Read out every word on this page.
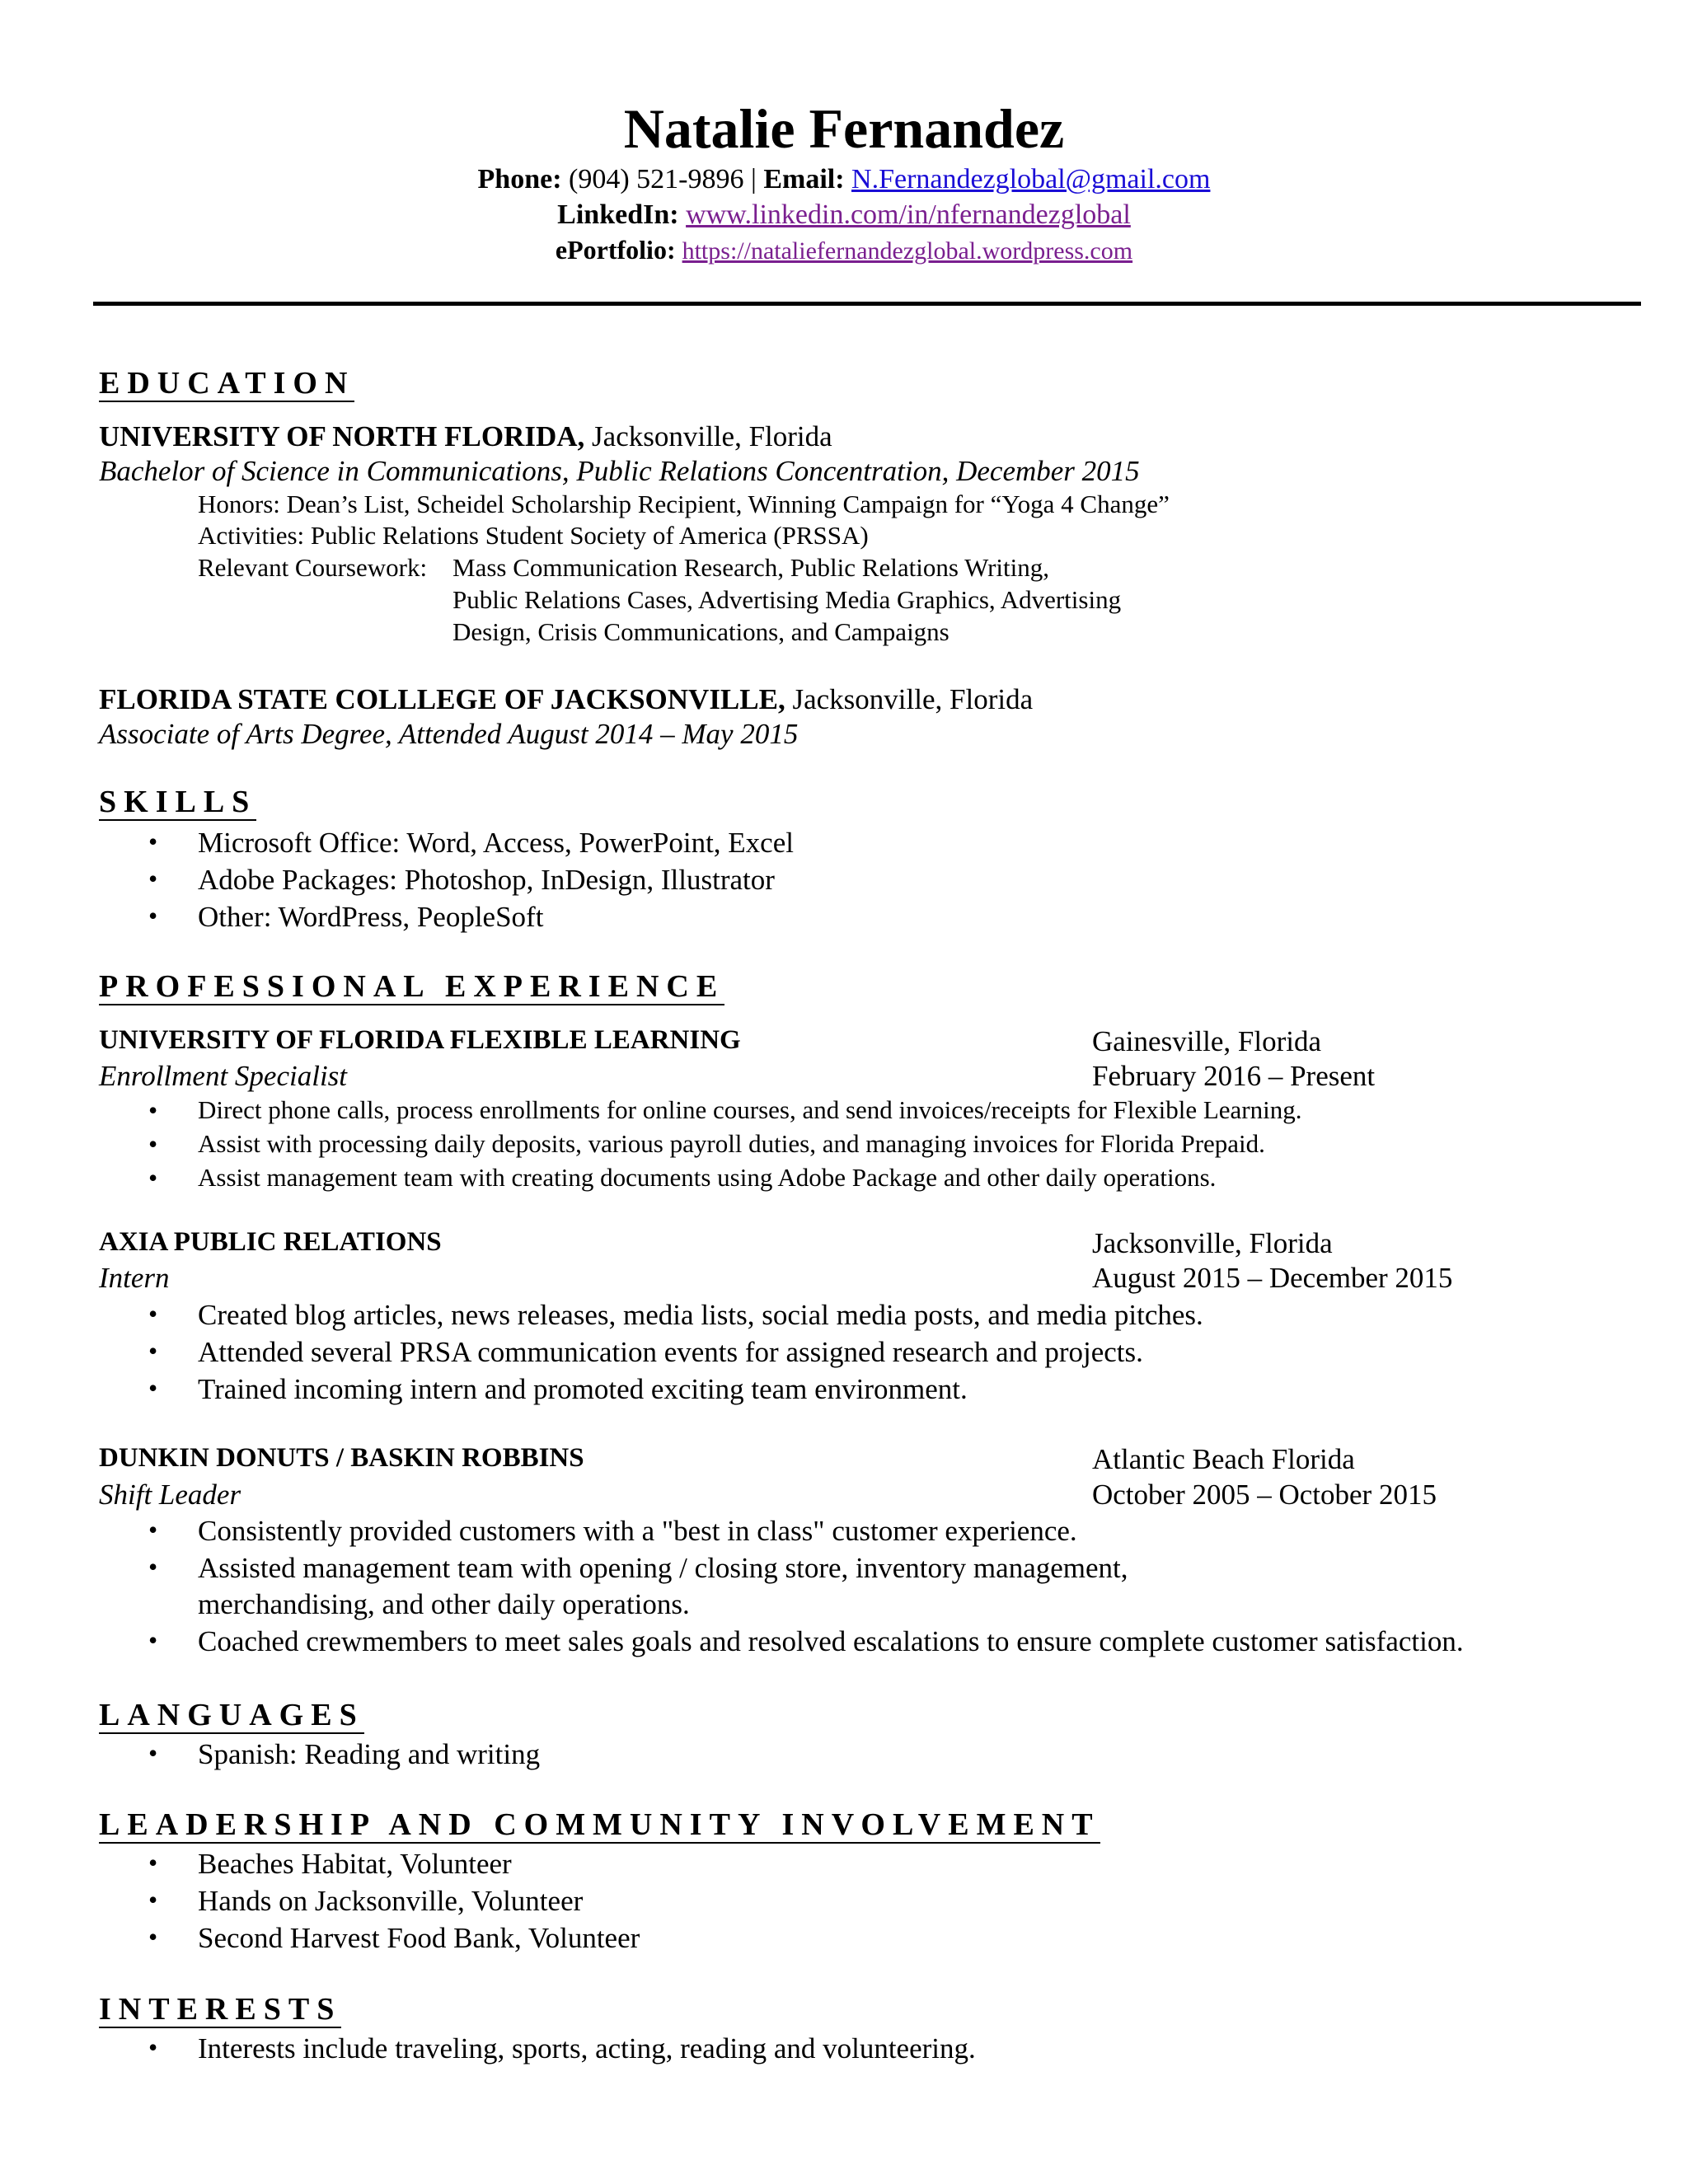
Natalie Fernandez
Phone: (904) 521-9896 | Email: N.Fernandezglobal@gmail.com
LinkedIn: www.linkedin.com/in/nfernandezglobal
ePortfolio: https://nataliefernandezglobal.wordpress.com
EDUCATION
UNIVERSITY OF NORTH FLORIDA, Jacksonville, Florida
Bachelor of Science in Communications, Public Relations Concentration, December 2015
Honors: Dean’s List, Scheidel Scholarship Recipient, Winning Campaign for “Yoga 4 Change”
Activities: Public Relations Student Society of America (PRSSA)
Relevant Coursework: Mass Communication Research, Public Relations Writing,
Public Relations Cases, Advertising Media Graphics, Advertising
Design, Crisis Communications, and Campaigns
FLORIDA STATE COLLLEGE OF JACKSONVILLE, Jacksonville, Florida
Associate of Arts Degree, Attended August 2014 – May 2015
SKILLS
• Microsoft Office: Word, Access, PowerPoint, Excel
• Adobe Packages: Photoshop, InDesign, Illustrator
• Other: WordPress, PeopleSoft
PROFESSIONAL EXPERIENCE
UNIVERSITY OF FLORIDA FLEXIBLE LEARNING	Gainesville, Florida
Enrollment Specialist	February 2016 – Present
• Direct phone calls, process enrollments for online courses, and send invoices/receipts for Flexible Learning.
• Assist with processing daily deposits, various payroll duties, and managing invoices for Florida Prepaid.
• Assist management team with creating documents using Adobe Package and other daily operations.
AXIA PUBLIC RELATIONS	Jacksonville, Florida
Intern	August 2015 – December 2015
• Created blog articles, news releases, media lists, social media posts, and media pitches.
• Attended several PRSA communication events for assigned research and projects.
• Trained incoming intern and promoted exciting team environment.
DUNKIN DONUTS / BASKIN ROBBINS	Atlantic Beach Florida
Shift Leader	October 2005 – October 2015
• Consistently provided customers with a "best in class" customer experience.
• Assisted management team with opening / closing store, inventory management,
merchandising, and other daily operations.
• Coached crewmembers to meet sales goals and resolved escalations to ensure complete customer satisfaction.
LANGUAGES
• Spanish: Reading and writing
LEADERSHIP AND COMMUNITY INVOLVEMENT
• Beaches Habitat, Volunteer
• Hands on Jacksonville, Volunteer
• Second Harvest Food Bank, Volunteer
INTERESTS
• Interests include traveling, sports, acting, reading and volunteering.
